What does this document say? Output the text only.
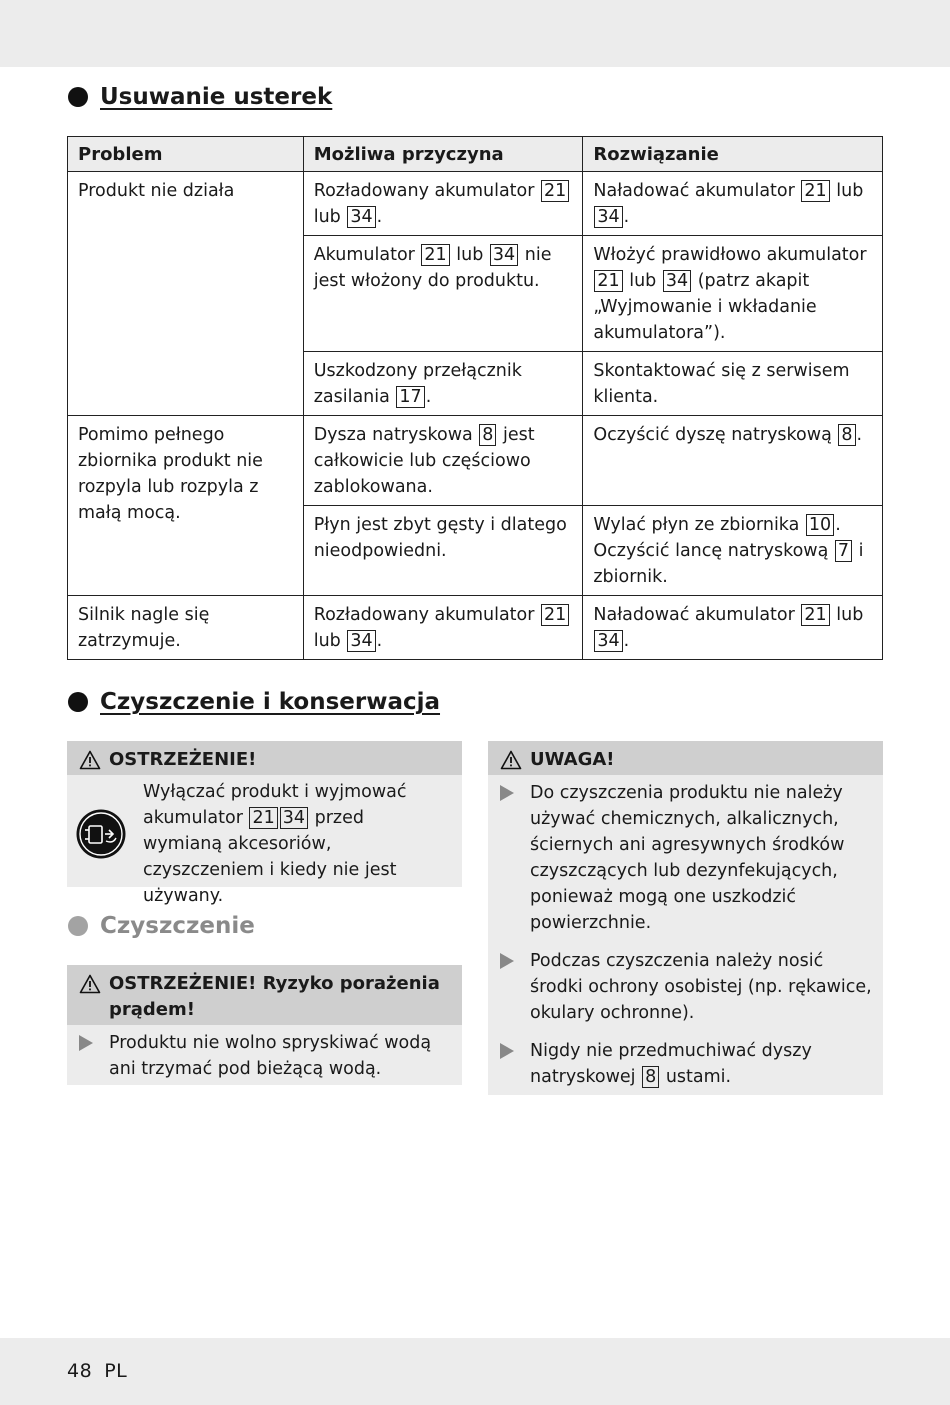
Usuwanie usterek
Problem	Możliwa przyczyna	Rozwiązanie
Produkt nie działa	Rozładowany akumulator 21 lub 34 .	Naładować akumulator 21 lub 34 .
	Akumulator 21 lub 34 nie jest włożony do produktu.	Włożyć prawidłowo akumulator 21 lub 34 (patrz akapit „Wyjmowanie i wkładanie akumulatora”).
	Uszkodzony przełącznik zasilania 17 .	Skontaktować się z serwisem klienta.
Pomimo pełnego zbiornika produkt nie rozpyla lub rozpyla z małą mocą.	Dysza natryskowa 8 jest całkowicie lub częściowo zablokowana.	Oczyścić dyszę natryskową 8 .
	Płyn jest zbyt gęsty i dlatego nieodpowiedni.	Wylać płyn ze zbiornika 10 . Oczyścić lancę natryskową 7 i zbiornik.
Silnik nagle się zatrzymuje.	Rozładowany akumulator 21 lub 34 .	Naładować akumulator 21 lub 34 .
Czyszczenie i konserwacja
OSTRZEŻENIE!
Wyłączać produkt i wyjmować akumulator 21 34 przed wymianą akcesoriów, czyszczeniem i kiedy nie jest używany.
Czyszczenie
OSTRZEŻENIE! Ryzyko porażenia prądem!
Produktu nie wolno spryskiwać wodą ani trzymać pod bieżącą wodą.
UWAGA!
Do czyszczenia produktu nie należy używać chemicznych, alkalicznych, ściernych ani agresywnych środków czyszczących lub dezynfekujących, ponieważ mogą one uszkodzić powierzchnie.
Podczas czyszczenia należy nosić środki ochrony osobistej (np. rękawice, okulary ochronne).
Nigdy nie przedmuchiwać dyszy natryskowej 8 ustami.
48 PL
